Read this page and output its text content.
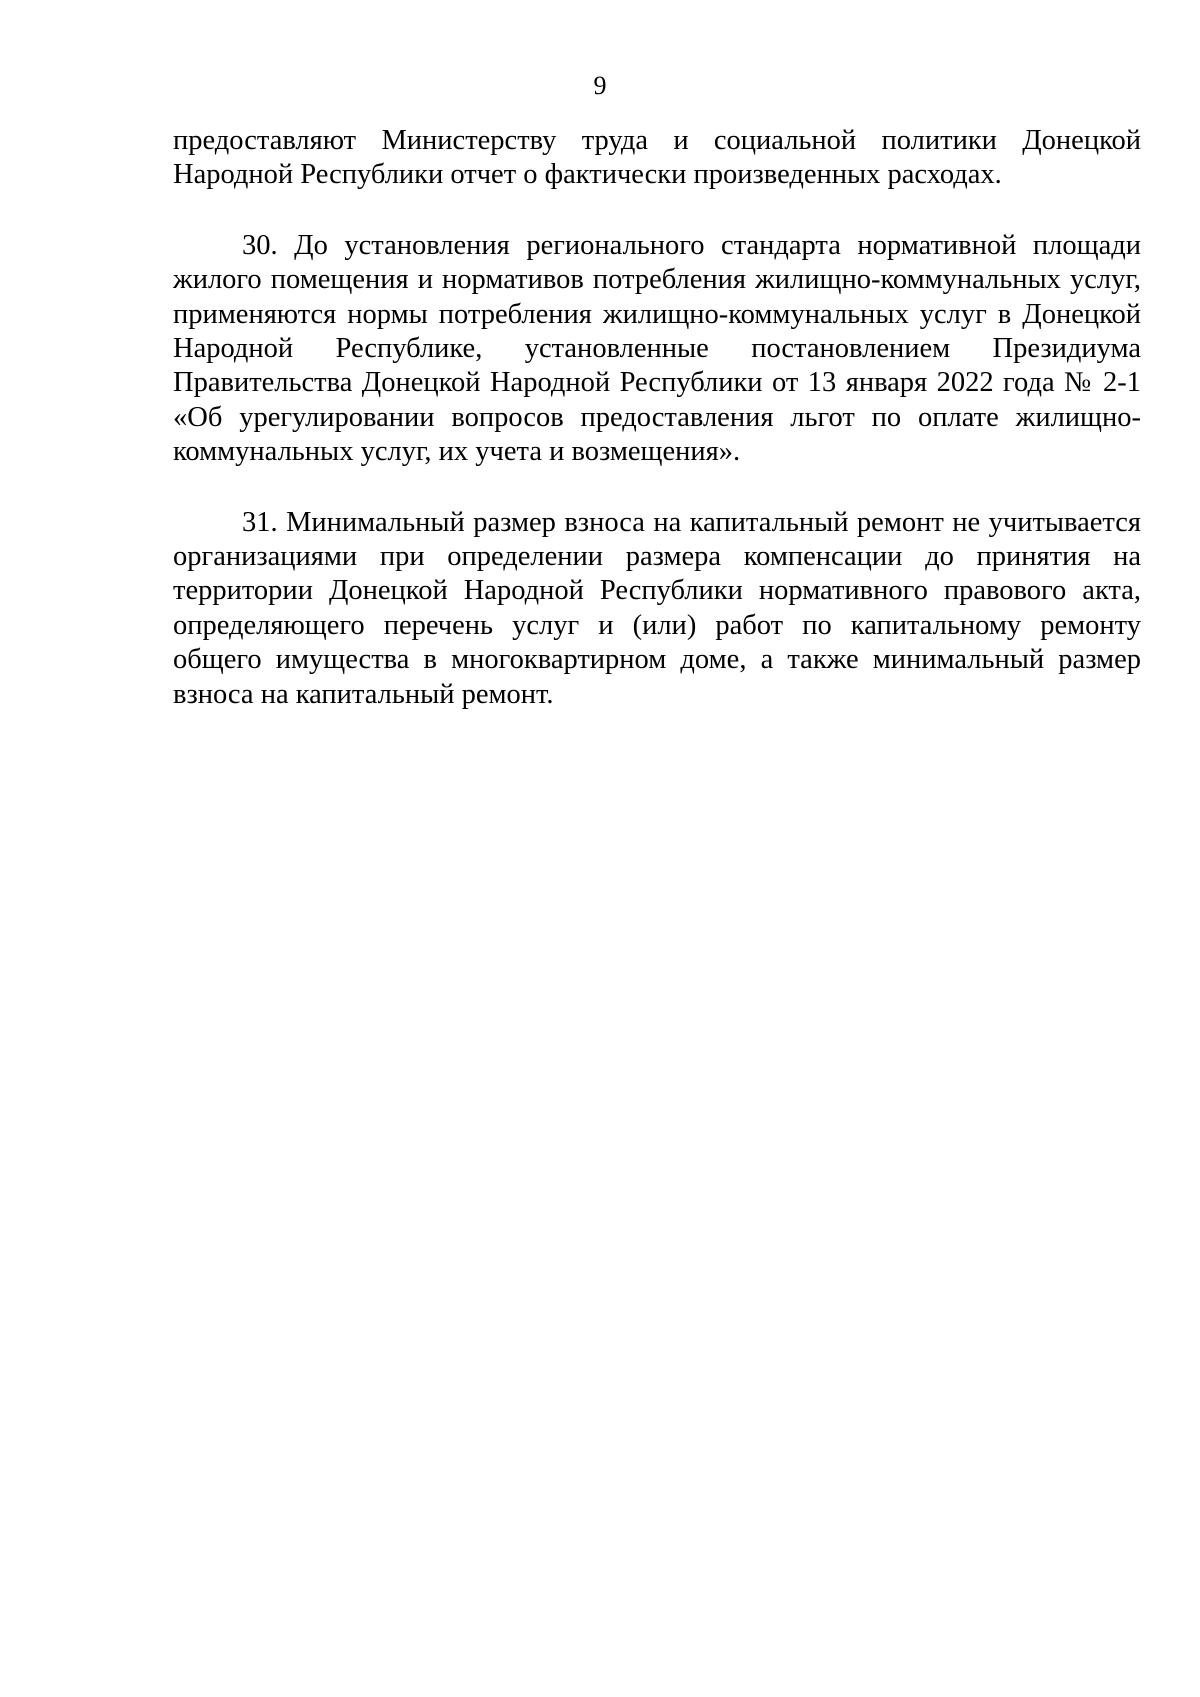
9

предоставляют Министерству труда и социальной политики Донецкой Народной Республики отчет о фактически произведенных расходах.

30. До установления регионального стандарта нормативной площади жилого помещения и нормативов потребления жилищно-коммунальных услуг, применяются нормы потребления жилищно-коммунальных услуг в Донецкой Народной Республике, установленные постановлением Президиума Правительства Донецкой Народной Республики от 13 января 2022 года № 2-1 «Об урегулировании вопросов предоставления льгот по оплате жилищно-коммунальных услуг, их учета и возмещения».

31. Минимальный размер взноса на капитальный ремонт не учитывается организациями при определении размера компенсации до принятия на территории Донецкой Народной Республики нормативного правового акта, определяющего перечень услуг и (или) работ по капитальному ремонту общего имущества в многоквартирном доме, а также минимальный размер взноса на капитальный ремонт.
